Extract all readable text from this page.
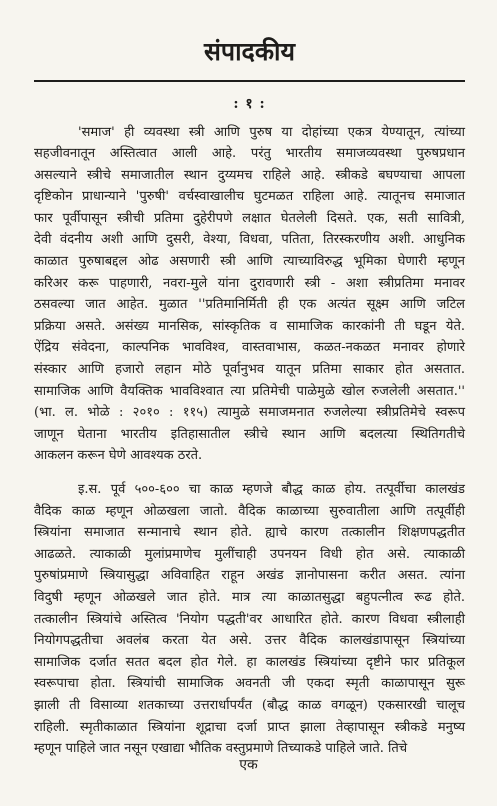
संपादकीय
: १ :
'समाज' ही व्यवस्था स्त्री आणि पुरुष या दोहांच्या एकत्र येण्यातून, त्यांच्या
सहजीवनातून अस्तित्वात आली आहे. परंतु भारतीय समाजव्यवस्था पुरुषप्रधान
असल्याने स्त्रीचे समाजातील स्थान दुय्यमच राहिले आहे. स्त्रीकडे बघण्याचा आपला
दृष्टिकोन प्राधान्याने 'पुरुषी' वर्चस्वाखालीच घुटमळत राहिला आहे. त्यातूनच समाजात
फार पूर्वीपासून स्त्रीची प्रतिमा दुहेरीपणे लक्षात घेतलेली दिसते. एक, सती सावित्री,
देवी वंदनीय अशी आणि दुसरी, वेश्या, विधवा, पतिता, तिरस्करणीय अशी. आधुनिक
काळात पुरुषाबद्दल ओढ असणारी स्त्री आणि त्याच्याविरुद्ध भूमिका घेणारी म्हणून
करिअर करू पाहणारी, नवरा-मुले यांना दुरावणारी स्त्री - अशा स्त्रीप्रतिमा मनावर
ठसवल्या जात आहेत. मुळात ''प्रतिमानिर्मिती ही एक अत्यंत सूक्ष्म आणि जटिल
प्रक्रिया असते. असंख्य मानसिक, सांस्कृतिक व सामाजिक कारकांनी ती घडून येते.
ऐंद्रिय संवेदना, काल्पनिक भावविश्व, वास्तवाभास, कळत-नकळत मनावर होणारे
संस्कार आणि हजारो लहान मोठे पूर्वानुभव यातून प्रतिमा साकार होत असतात.
सामाजिक आणि वैयक्तिक भावविश्वात त्या प्रतिमेची पाळेमुळे खोल रुजलेली असतात.''
(भा. ल. भोळे : २०१० : ११५) त्यामुळे समाजमनात रुजलेल्या स्त्रीप्रतिमेचे स्वरूप
जाणून घेताना भारतीय इतिहासातील स्त्रीचे स्थान आणि बदलत्या स्थितिगतीचे
आकलन करून घेणे आवश्यक ठरते.
इ.स. पूर्व ५००-६०० चा काळ म्हणजे बौद्ध काळ होय. तत्पूर्वीचा कालखंड
वैदिक काळ म्हणून ओळखला जातो. वैदिक काळाच्या सुरुवातीला आणि तत्पूर्वीही
स्त्रियांना समाजात सन्मानाचे स्थान होते. ह्याचे कारण तत्कालीन शिक्षणपद्धतीत
आढळते. त्याकाळी मुलांप्रमाणेच मुलींचाही उपनयन विधी होत असे. त्याकाळी
पुरुषांप्रमाणे स्त्रियासुद्धा अविवाहित राहून अखंड ज्ञानोपासना करीत असत. त्यांना
विदुषी म्हणून ओळखले जात होते. मात्र त्या काळातसुद्धा बहुपत्नीत्व रूढ होते.
तत्कालीन स्त्रियांचे अस्तित्व 'नियोग पद्धती'वर आधारित होते. कारण विधवा स्त्रीलाही
नियोगपद्धतीचा अवलंब करता येत असे. उत्तर वैदिक कालखंडापासून स्त्रियांच्या
सामाजिक दर्जात सतत बदल होत गेले. हा कालखंड स्त्रियांच्या दृष्टीने फार प्रतिकूल
स्वरूपाचा होता. स्त्रियांची सामाजिक अवनती जी एकदा स्मृती काळापासून सुरू
झाली ती विसाव्या शतकाच्या उत्तरार्धापर्यंत (बौद्ध काळ वगळून) एकसारखी चालूच
राहिली. स्मृतीकाळात स्त्रियांना शूद्राचा दर्जा प्राप्त झाला तेव्हापासून स्त्रीकडे मनुष्य
म्हणून पाहिले जात नसून एखाद्या भौतिक वस्तुप्रमाणे तिच्याकडे पाहिले जाते. तिचे
एक
